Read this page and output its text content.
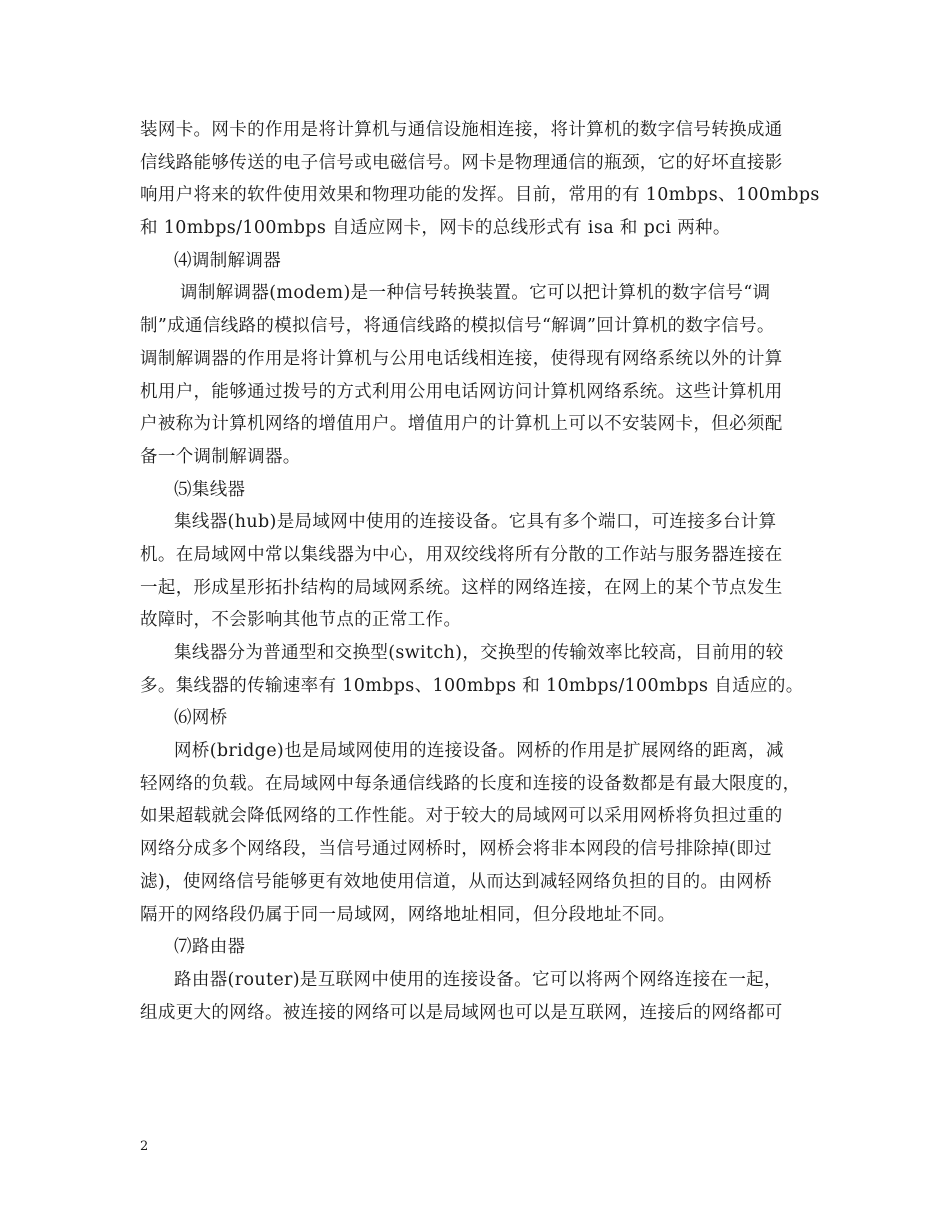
装网卡。网卡的作用是将计算机与通信设施相连接，将计算机的数字信号转换成通
信线路能够传送的电子信号或电磁信号。网卡是物理通信的瓶颈，它的好坏直接影
响用户将来的软件使用效果和物理功能的发挥。目前，常用的有 10mbps、100mbps
和 10mbps/100mbps 自适应网卡，网卡的总线形式有 isa 和 pci 两种。
⑷调制解调器
调制解调器(modem)是一种信号转换装置。它可以把计算机的数字信号“调
制”成通信线路的模拟信号，将通信线路的模拟信号“解调”回计算机的数字信号。
调制解调器的作用是将计算机与公用电话线相连接，使得现有网络系统以外的计算
机用户，能够通过拨号的方式利用公用电话网访问计算机网络系统。这些计算机用
户被称为计算机网络的增值用户。增值用户的计算机上可以不安装网卡，但必须配
备一个调制解调器。
⑸集线器
集线器(hub)是局域网中使用的连接设备。它具有多个端口，可连接多台计算
机。在局域网中常以集线器为中心，用双绞线将所有分散的工作站与服务器连接在
一起，形成星形拓扑结构的局域网系统。这样的网络连接，在网上的某个节点发生
故障时，不会影响其他节点的正常工作。
集线器分为普通型和交换型(switch)，交换型的传输效率比较高，目前用的较
多。集线器的传输速率有 10mbps、100mbps 和 10mbps/100mbps 自适应的。
⑹网桥
网桥(bridge)也是局域网使用的连接设备。网桥的作用是扩展网络的距离，减
轻网络的负载。在局域网中每条通信线路的长度和连接的设备数都是有最大限度的，
如果超载就会降低网络的工作性能。对于较大的局域网可以采用网桥将负担过重的
网络分成多个网络段，当信号通过网桥时，网桥会将非本网段的信号排除掉(即过
滤)，使网络信号能够更有效地使用信道，从而达到减轻网络负担的目的。由网桥
隔开的网络段仍属于同一局域网，网络地址相同，但分段地址不同。
⑺路由器
路由器(router)是互联网中使用的连接设备。它可以将两个网络连接在一起，
组成更大的网络。被连接的网络可以是局域网也可以是互联网，连接后的网络都可
2
